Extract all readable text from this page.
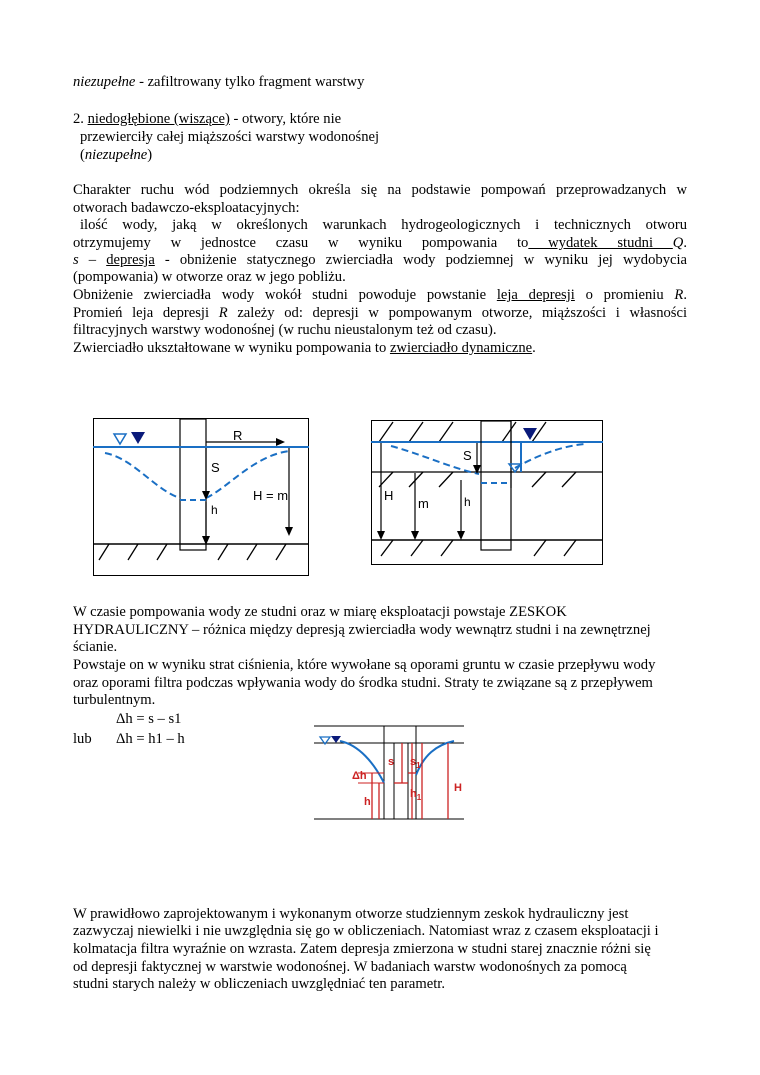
niezupełne - zafiltrowany tylko fragment warstwy
2. niedogłębione (wiszące) - otwory, które nie
przewierciły całej miąższości warstwy wodonośnej
(niezupełne)
Charakter ruchu wód podziemnych określa się na podstawie pompowań przeprowadzanych w
otworach badawczo-eksploatacyjnych:
ilość wody, jaką w określonych warunkach hydrogeologicznych i technicznych otworu
otrzymujemy w jednostce czasu w wyniku pompowania to wydatek studni Q.
s – depresja - obniżenie statycznego zwierciadła wody podziemnej w wyniku jej wydobycia
(pompowania) w otworze oraz w jego pobliżu.
Obniżenie zwierciadła wody wokół studni powoduje powstanie leja depresji o promieniu R.
Promień leja depresji R zależy od: depresji w pompowanym otworze, miąższości i własności
filtracyjnych warstwy wodonośnej (w ruchu nieustalonym też od czasu).
Zwierciadło ukształtowane w wyniku pompowania to zwierciadło dynamiczne.
R
S
h
H = m
S
H
m	h
W czasie pompowania wody ze studni oraz w miarę eksploatacji powstaje ZESKOK
HYDRAULICZNY – różnica między depresją zwierciadła wody wewnątrz studni i na zewnętrznej
ścianie.
Powstaje on w wyniku strat ciśnienia, które wywołane są oporami gruntu w czasie przepływu wody
oraz oporami filtra podczas wpływania wody do środka studni. Straty te związane są z przepływem
turbulentnym.
Δh = s – s1
lub Δh = h1 – h
s $s_1$
Δh
h
$h_1$
H
W prawidłowo zaprojektowanym i wykonanym otworze studziennym zeskok hydrauliczny jest
zazwyczaj niewielki i nie uwzględnia się go w obliczeniach. Natomiast wraz z czasem eksploatacji i
kolmatacja filtra wyraźnie on wzrasta. Zatem depresja zmierzona w studni starej znacznie różni się
od depresji faktycznej w warstwie wodonośnej. W badaniach warstw wodonośnych za pomocą
studni starych należy w obliczeniach uwzględniać ten parametr.
